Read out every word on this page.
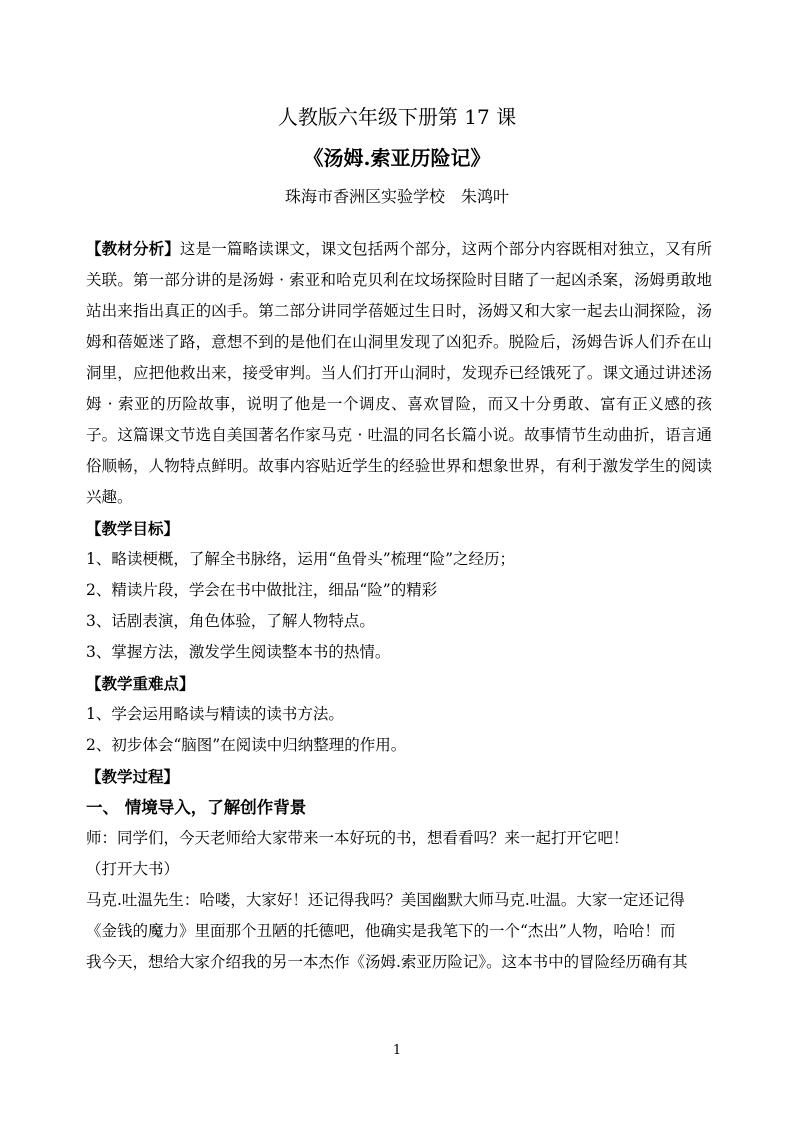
人教版六年级下册第 17 课
《汤姆.索亚历险记》
珠海市香洲区实验学校　朱鸿叶

【教材分析】这是一篇略读课文，课文包括两个部分，这两个部分内容既相对独立，又有所关联。第一部分讲的是汤姆 · 索亚和哈克贝利在坟场探险时目睹了一起凶杀案，汤姆勇敢地站出来指出真正的凶手。第二部分讲同学蓓姬过生日时，汤姆又和大家一起去山洞探险，汤姆和蓓姬迷了路，意想不到的是他们在山洞里发现了凶犯乔。脱险后，汤姆告诉人们乔在山洞里，应把他救出来，接受审判。当人们打开山洞时，发现乔已经饿死了。课文通过讲述汤姆 · 索亚的历险故事，说明了他是一个调皮、喜欢冒险，而又十分勇敢、富有正义感的孩子。这篇课文节选自美国著名作家马克 · 吐温的同名长篇小说。故事情节生动曲折，语言通俗顺畅，人物特点鲜明。故事内容贴近学生的经验世界和想象世界，有利于激发学生的阅读兴趣。

【教学目标】

1、略读梗概，了解全书脉络，运用“鱼骨头”梳理“险”之经历；

2、精读片段，学会在书中做批注，细品“险”的精彩

3、话剧表演，角色体验，了解人物特点。

3、掌握方法，激发学生阅读整本书的热情。

【教学重难点】

1、学会运用略读与精读的读书方法。

2、初步体会“脑图”在阅读中归纳整理的作用。

【教学过程】

一、 情境导入，了解创作背景

师：同学们，今天老师给大家带来一本好玩的书，想看看吗？来一起打开它吧！

（打开大书）

马克.吐温先生：哈喽，大家好！还记得我吗？美国幽默大师马克.吐温。大家一定还记得

《金钱的魔力》里面那个丑陋的托德吧，他确实是我笔下的一个“杰出”人物，哈哈！而

我今天，想给大家介绍我的另一本杰作《汤姆.索亚历险记》。这本书中的冒险经历确有其

1
